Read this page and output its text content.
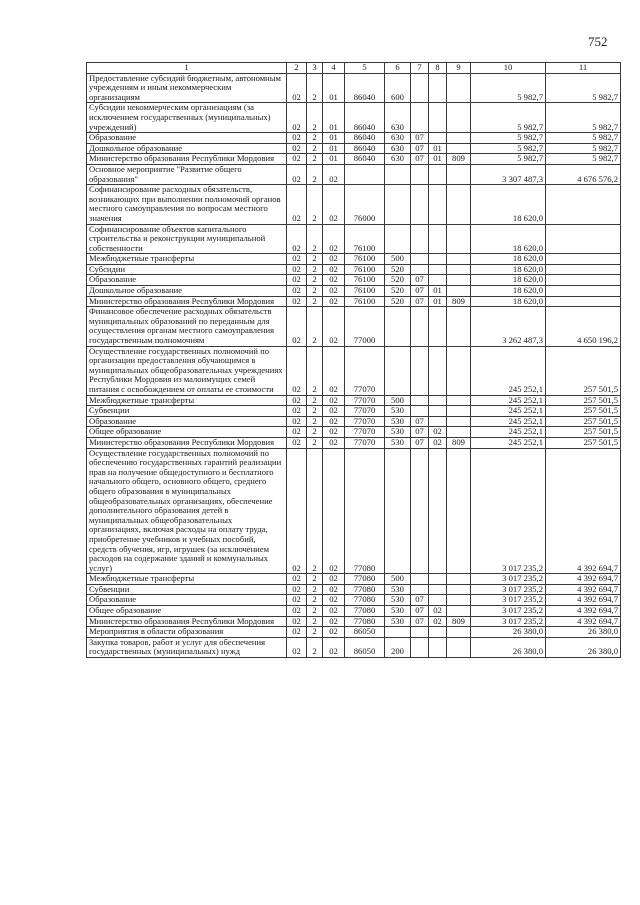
752
1	2	3	4	5	6	7	8	9	10	11
Предоставление субсидий бюджетным, автономным учреждениям и иным некоммерческим организациям	02	2	01	86040	600				5 982,7	5 982,7
Субсидии некоммерческим организациям (за исключением государственных (муниципальных) учреждений)	02	2	01	86040	630				5 982,7	5 982,7
Образование	02	2	01	86040	630	07			5 982,7	5 982,7
Дошкольное образование	02	2	01	86040	630	07	01		5 982,7	5 982,7
Министерство образования Республики Мордовия	02	2	01	86040	630	07	01	809	5 982,7	5 982,7
Основное мероприятие "Развитие общего образования"	02	2	02						3 307 487,3	4 676 576,2
Софинансирование расходных обязательств, возникающих при выполнении полномочий органов местного самоуправления по вопросам местного значения	02	2	02	76000					18 620,0	
Софинансирование объектов капитального строительства и реконструкции муниципальной собственности	02	2	02	76100					18 620,0	
Межбюджетные трансферты	02	2	02	76100	500				18 620,0	
Субсидии	02	2	02	76100	520				18 620,0	
Образование	02	2	02	76100	520	07			18 620,0	
Дошкольное образование	02	2	02	76100	520	07	01		18 620,0	
Министерство образования Республики Мордовия	02	2	02	76100	520	07	01	809	18 620,0	
Финансовое обеспечение расходных обязательств муниципальных образований по переданным для осуществления органам местного самоуправления государственным полномочиям	02	2	02	77000					3 262 487,3	4 650 196,2
Осуществление государственных полномочий по организации предоставления обучающимся в муниципальных общеобразовательных учреждениях Республики Мордовия из малоимущих семей питания с освобождением от оплаты ее стоимости	02	2	02	77070					245 252,1	257 501,5
Межбюджетные трансферты	02	2	02	77070	500				245 252,1	257 501,5
Субвенции	02	2	02	77070	530				245 252,1	257 501,5
Образование	02	2	02	77070	530	07			245 252,1	257 501,5
Общее образование	02	2	02	77070	530	07	02		245 252,1	257 501,5
Министерство образования Республики Мордовия	02	2	02	77070	530	07	02	809	245 252,1	257 501,5
Осуществление государственных полномочий по обеспечению государственных гарантий реализации прав на получение общедоступного и бесплатного начального общего, основного общего, среднего общего образования в муниципальных общеобразовательных организациях, обеспечение дополнительного образования детей в муниципальных общеобразовательных организациях, включая расходы на оплату труда, приобретение учебников и учебных пособий, средств обучения, игр, игрушек (за исключением расходов на содержание зданий и коммунальных услуг)	02	2	02	77080					3 017 235,2	4 392 694,7
Межбюджетные трансферты	02	2	02	77080	500				3 017 235,2	4 392 694,7
Субвенции	02	2	02	77080	530				3 017 235,2	4 392 694,7
Образование	02	2	02	77080	530	07			3 017 235,2	4 392 694,7
Общее образование	02	2	02	77080	530	07	02		3 017 235,2	4 392 694,7
Министерство образования Республики Мордовия	02	2	02	77080	530	07	02	809	3 017 235,2	4 392 694,7
Мероприятия в области образования	02	2	02	86050					26 380,0	26 380,0
Закупка товаров, работ и услуг для обеспечения государственных (муниципальных) нужд	02	2	02	86050	200				26 380,0	26 380,0
